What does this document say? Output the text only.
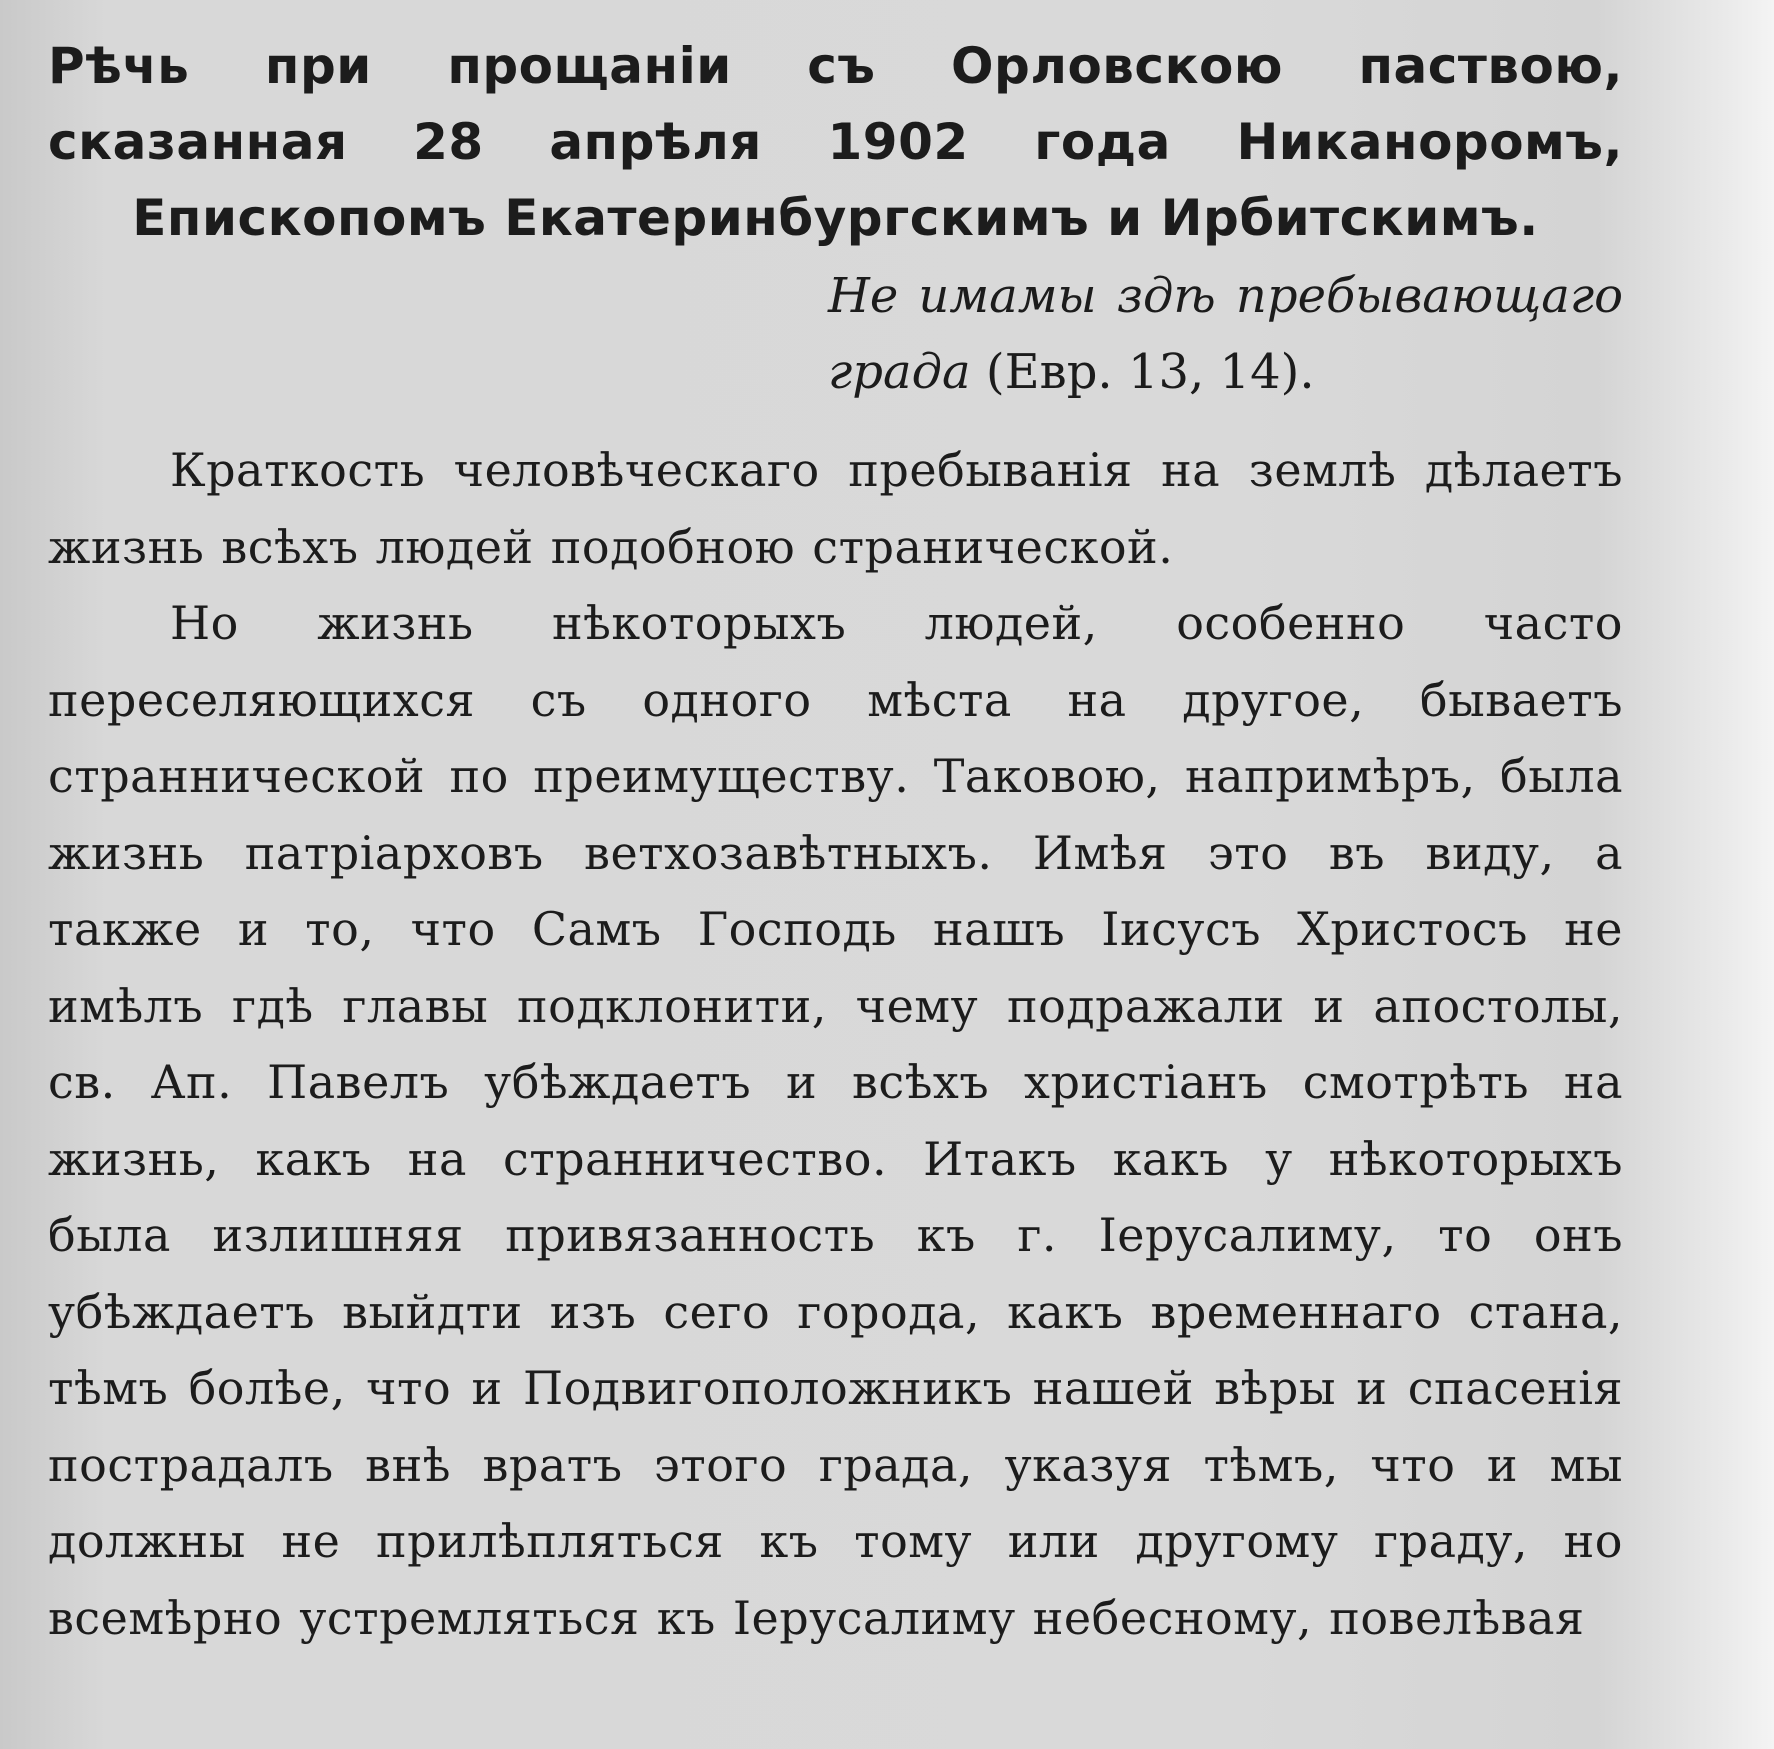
Рѣчь при прощанiи съ Орловскою паствою, сказанная 28 апрѣля 1902 года Никаноромъ, Епископомъ Екатеринбургскимъ и Ирбитскимъ.

Не имамы здѣ пребывающаго града (Евр. 13, 14).

Краткость человѣческаго пребыванiя на землѣ дѣлаетъ жизнь всѣхъ людей подобною странической.

Но жизнь нѣкоторыхъ людей, особенно часто переселяющихся съ одного мѣста на другое, бываетъ страннической по преимуществу. Таковою, напримѣръ, была жизнь патрiарховъ ветхозавѣтныхъ. Имѣя это въ виду, а также и то, что Самъ Господь нашъ Iисусъ Христосъ не имѣлъ гдѣ главы подклонити, чему подражали и апостолы, св. Ап. Павелъ убѣждаетъ и всѣхъ христiанъ смотрѣть на жизнь, какъ на странничество. Итакъ какъ у нѣкоторыхъ была излишняя привязанность къ г. Iерусалиму, то онъ убѣждаетъ выйдти изъ сего города, какъ временнаго стана, тѣмъ болѣе, что и Подвигоположникъ нашей вѣры и спасенiя пострадалъ внѣ вратъ этого града, указуя тѣмъ, что и мы должны не прилѣпляться къ тому или другому граду, но всемѣрно устремляться къ Iерусалиму небесному, повелѣвая
